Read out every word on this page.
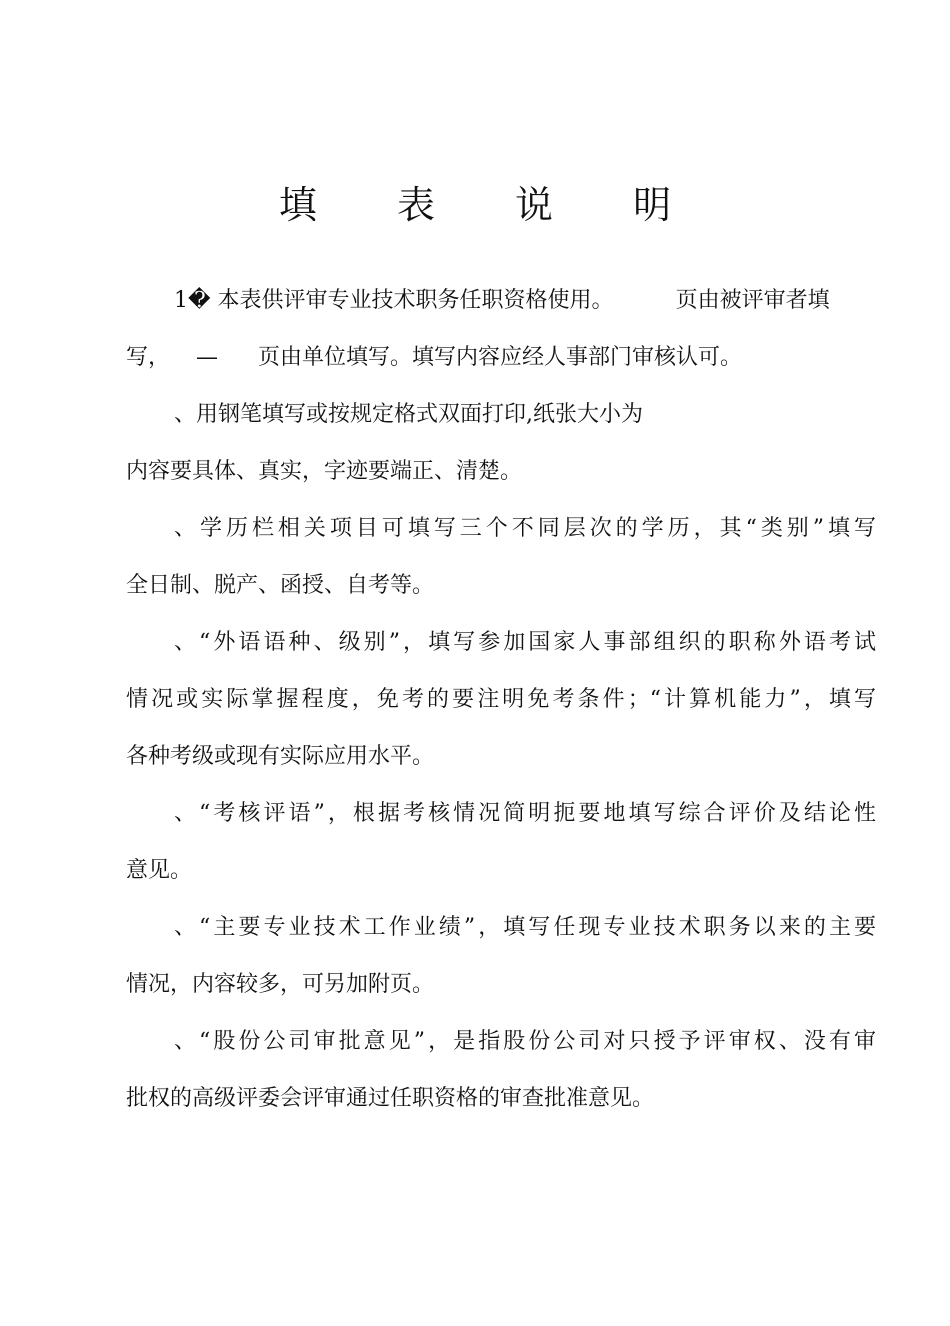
填 表 说 明
1� 本表供评审专业技术职务任职资格使用。	页由被评审者填
写， — 页由单位填写。填写内容应经人事部门审核认可。
、用钢笔填写或按规定格式双面打印,纸张大小为
内容要具体、真实，字迹要端正、清楚。
、学历栏相关项目可填写三个不同层次的学历，其“类别”填写
全日制、脱产、函授、自考等。
、“外语语种、级别”，填写参加国家人事部组织的职称外语考试
情况或实际掌握程度，免考的要注明免考条件；“计算机能力”，填写
各种考级或现有实际应用水平。
、“考核评语”，根据考核情况简明扼要地填写综合评价及结论性
意见。
、“主要专业技术工作业绩”，填写任现专业技术职务以来的主要
情况，内容较多，可另加附页。
、“股份公司审批意见”，是指股份公司对只授予评审权、没有审
批权的高级评委会评审通过任职资格的审查批准意见。
